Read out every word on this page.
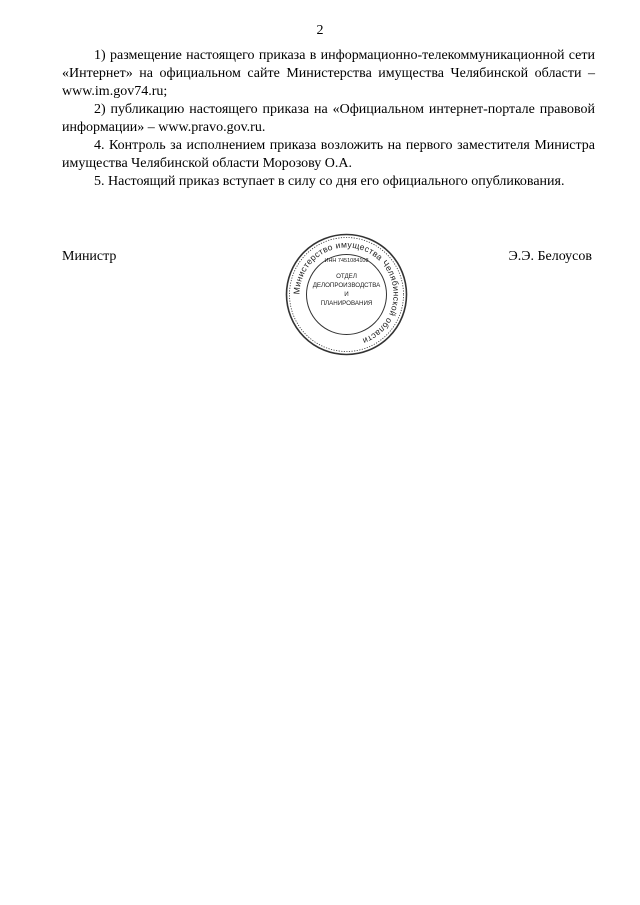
2

1) размещение настоящего приказа в информационно-телекоммуникационной сети «Интернет» на официальном сайте Министерства имущества Челябинской области – www.im.gov74.ru;

2) публикацию настоящего приказа на «Официальном интернет-портале правовой информации» – www.pravo.gov.ru.

4. Контроль за исполнением приказа возложить на первого заместителя Министра имущества Челябинской области Морозову О.А.

5. Настоящий приказ вступает в силу со дня его официального опубликования.

Министр	Э.Э. Белоусов
Министерство имущества Челябинской области
ИНН 7451084108
ОТДЕЛ
ДЕЛОПРОИЗВОДСТВА
И
ПЛАНИРОВАНИЯ
